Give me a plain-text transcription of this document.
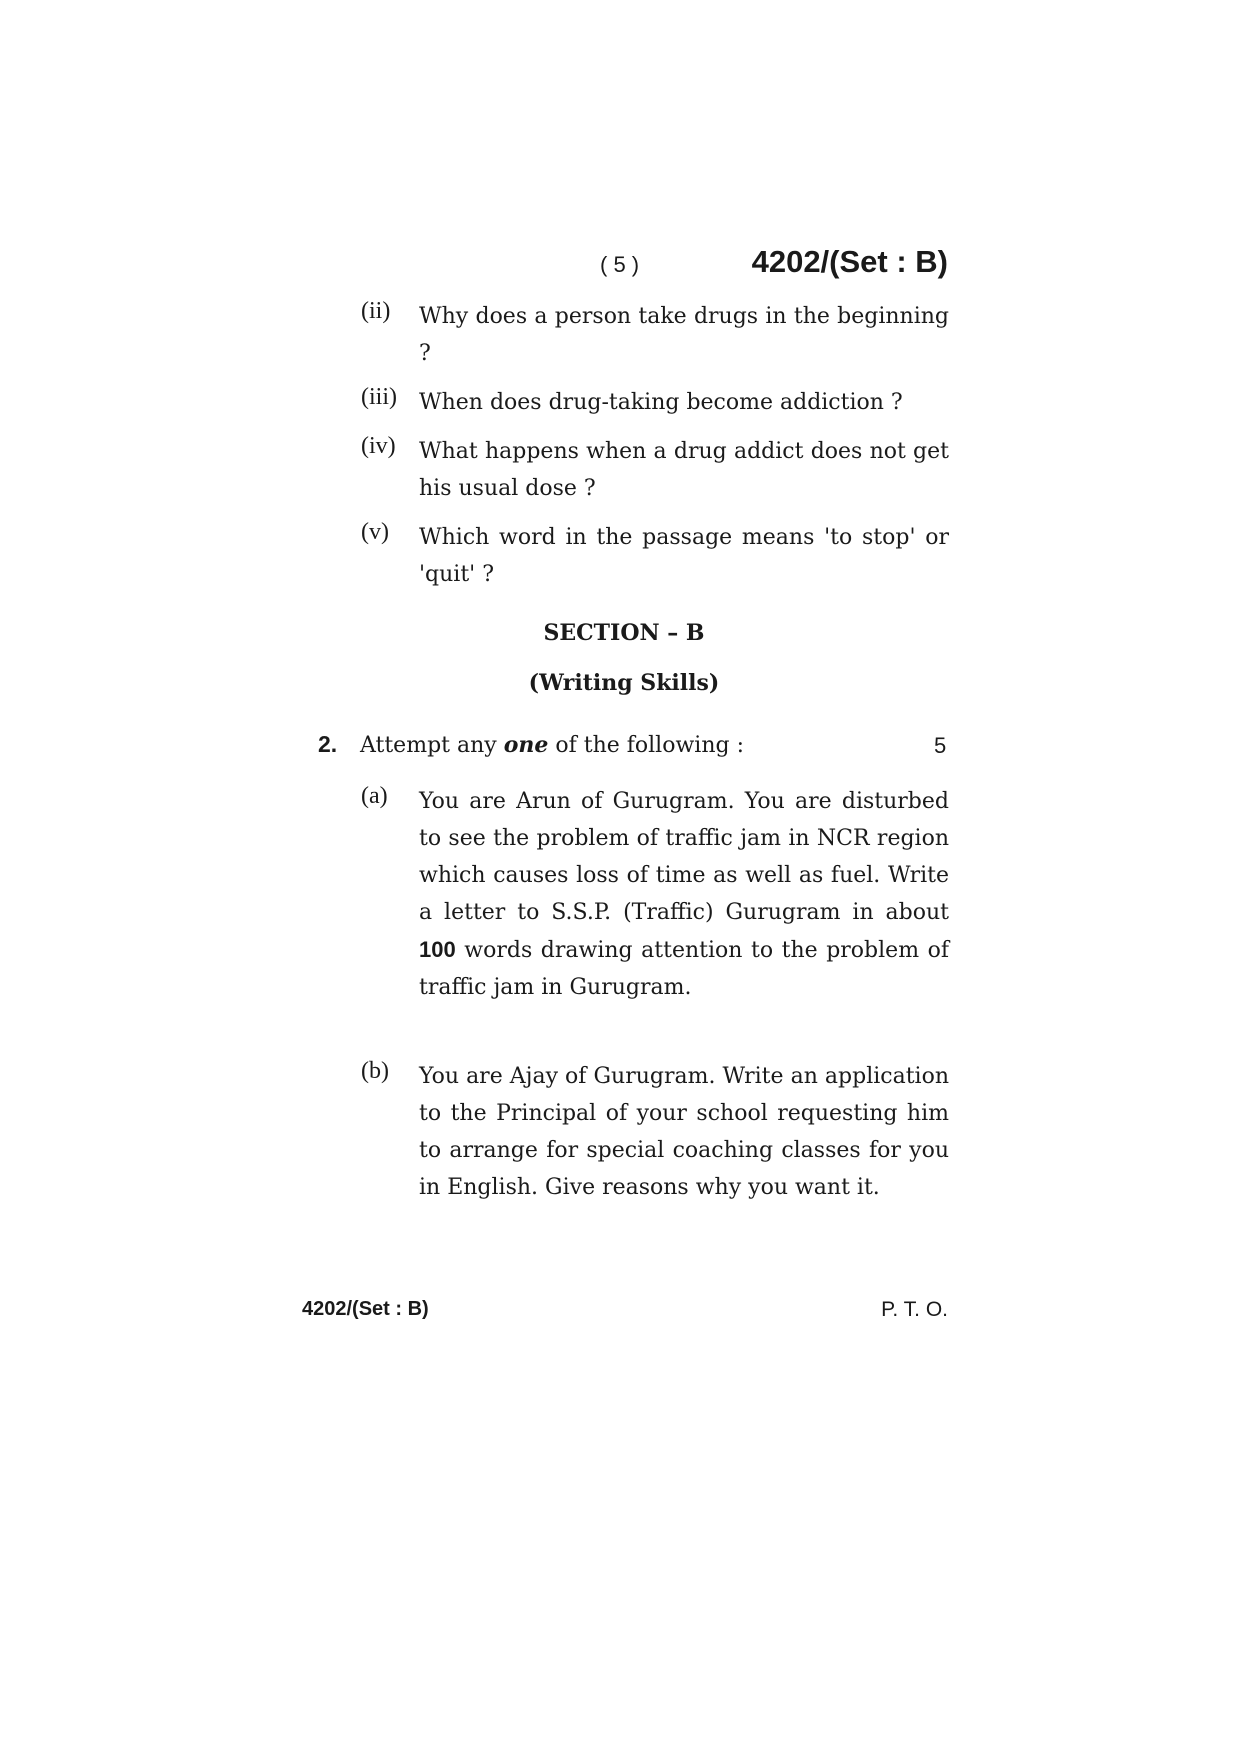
( 5 )	4202/(Set : B)
(ii) Why does a person take drugs in the beginning ?
(iii) When does drug-taking become addiction ?
(iv) What happens when a drug addict does not get his usual dose ?
(v) Which word in the passage means 'to stop' or 'quit' ?
SECTION – B
(Writing Skills)
2. Attempt any one of the following :	5
(a) You are Arun of Gurugram. You are disturbed to see the problem of traffic jam in NCR region which causes loss of time as well as fuel. Write a letter to S.S.P. (Traffic) Gurugram in about 100 words drawing attention to the problem of traffic jam in Gurugram.
(b) You are Ajay of Gurugram. Write an application to the Principal of your school requesting him to arrange for special coaching classes for you in English. Give reasons why you want it.
4202/(Set : B)	P. T. O.
